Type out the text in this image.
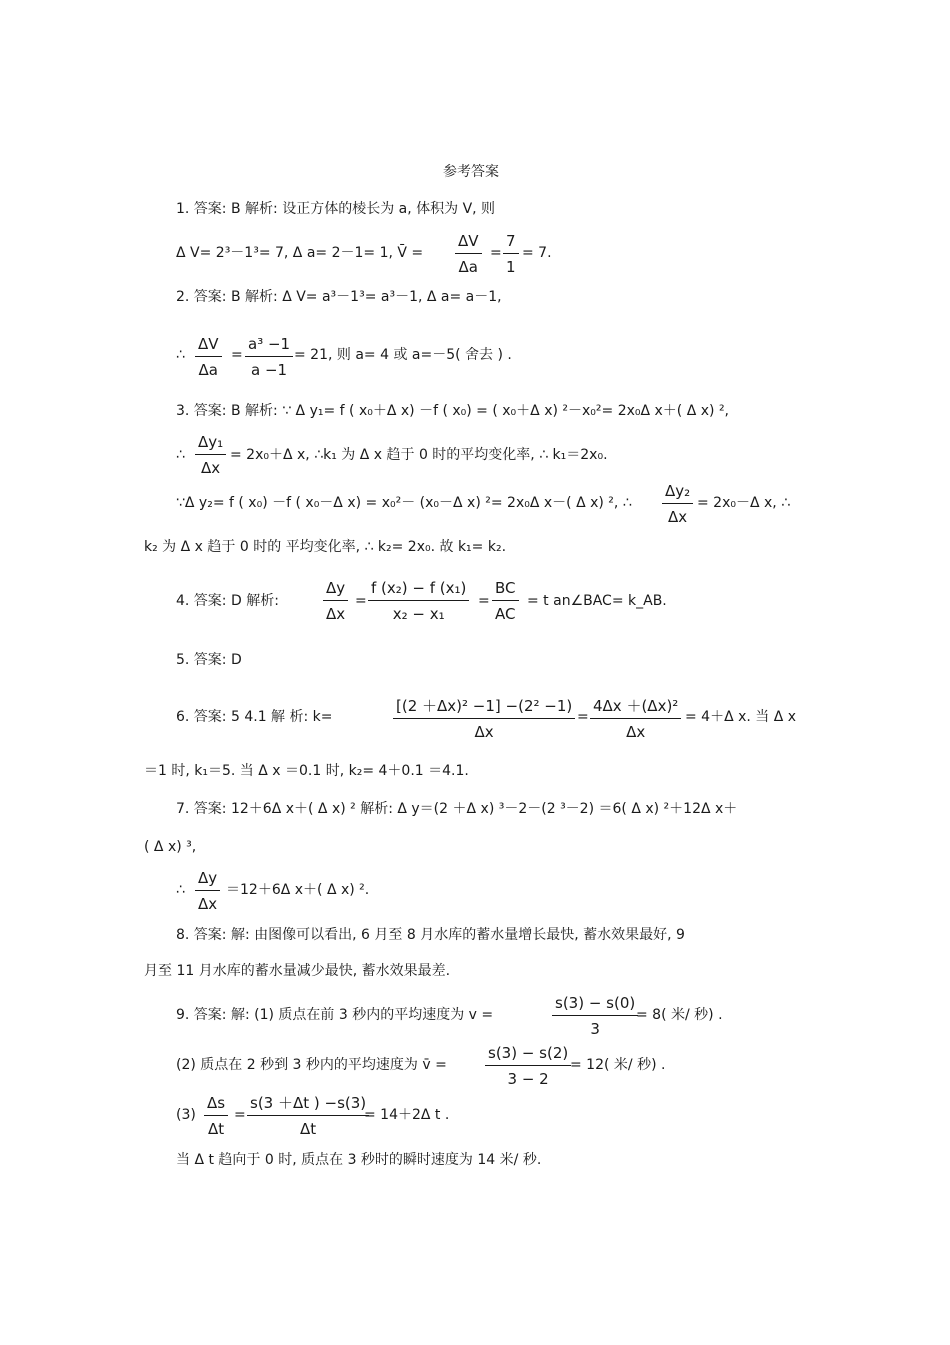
参考答案
1. 答案: B 解析: 设正方体的棱长为 a, 体积为 V, 则
Δ V= 2³－1³= 7, Δ a= 2－1= 1, V̄ = $\frac{\Delta V}{\Delta a} = \frac{7}{1} = 7$.
2. 答案: B 解析: Δ V= a³－1³= a³－1, Δ a= a－1,
∴ $\frac{\Delta V}{\Delta a} = \frac{\text{a³ −1}}{a -1} = 21$, 则 a= 4 或 a=－5( 舍去 ) .
3. 答案: B 解析: ∵ Δ y₁= f ( x₀＋Δ x) －f ( x₀) = ( x₀＋Δ x) ²－x₀²= 2x₀Δ x＋( Δ x) ²,
∴ $\frac{\text{Δy₁}}{\Delta x} = 2x_0+\Delta$ x, ∴k₁ 为 Δ x 趋于 0 时的平均变化率, ∴ k₁＝2x₀.
∵Δ y₂= f ( x₀) －f ( x₀－Δ x) = x₀²－ (x₀－Δ x) ²= 2x₀Δ x－( Δ x) ², ∴ $\frac{\text{Δy₂}}{\Delta x} = 2x_0-\Delta$ x, ∴
k₂ 为 Δ x 趋于 0 时的 平均变化率, ∴ k₂= 2x₀. 故 k₁= k₂.
4. 答案: D 解析:	$\frac{\Delta y}{\Delta x} = \frac{\text{f (x₂) − f (x₁)}}{\text{x₂ − x₁}} = \frac{BC}{AC} = t$ an∠BAC= k_AB.
5. 答案: D
6. 答案: 5 4.1 解 析: k=	$\frac{\text{[(2 ＋Δx)² −1] −(2² −1)}}{\Delta x} = \frac{\text{4Δx ＋(Δx)²}}{\Delta x} = 4+\Delta$ x. 当 Δ x
＝1 时, k₁＝5. 当 Δ x ＝0.1 时, k₂= 4＋0.1 ＝4.1.
7. 答案: 12＋6Δ x＋( Δ x) ² 解析: Δ y＝(2 ＋Δ x) ³－2－(2 ³－2) ＝6( Δ x) ²＋12Δ x＋
( Δ x) ³,
∴ $\frac{\Delta y}{\Delta x} =12+6\Delta$ x＋( Δ x) ².
8. 答案: 解: 由图像可以看出, 6 月至 8 月水库的蓄水量增长最快, 蓄水效果最好, 9
月至 11 月水库的蓄水量减少最快, 蓄水效果最差.
9. 答案: 解: (1) 质点在前 3 秒内的平均速度为 v =	$\frac{s(3) - s(0)}{3}$
= 8( 米/ 秒) .
(2) 质点在 2 秒到 3 秒内的平均速度为 v̄ =	$\frac{s(3) - s(2)}{3 - 2}$
= 12( 米/ 秒) .
$(3) \frac{\Delta s}{\Delta t} = \frac{s(3 +\Delta t ) -s(3)}{\Delta t}$
= 14＋2Δ t .
当 Δ t 趋向于 0 时, 质点在 3 秒时的瞬时速度为 14 米/ 秒.
